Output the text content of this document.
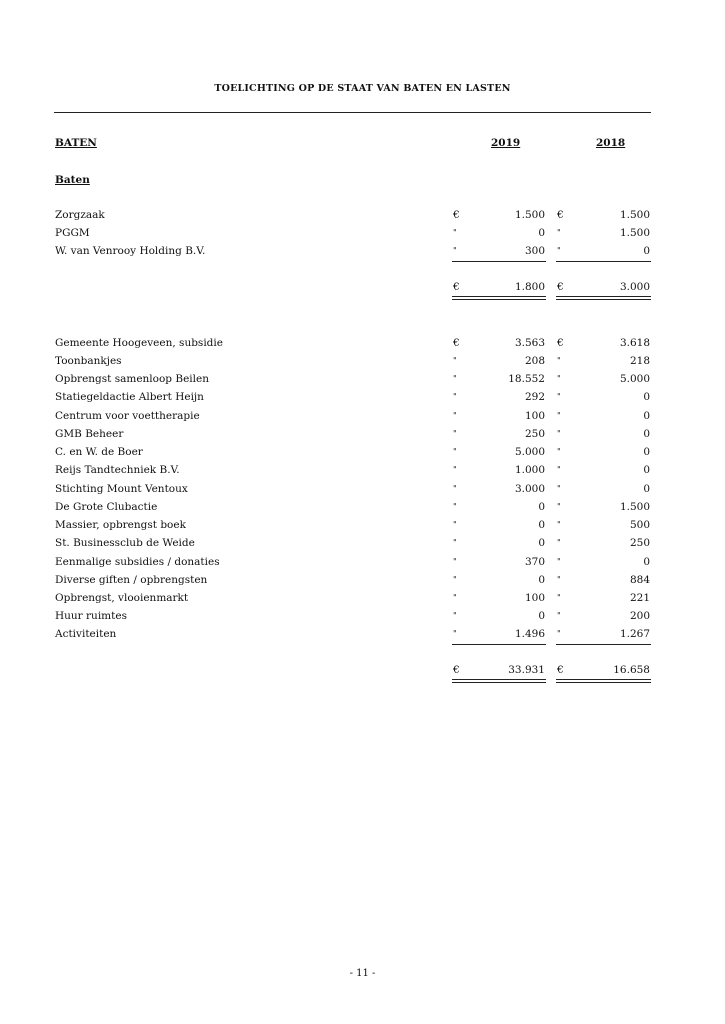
TOELICHTING OP DE STAAT VAN BATEN EN LASTEN
BATEN	2019	2018
Baten
Zorgzaak	€	1.500 €	1.500
PGGM	"	0 "	1.500
W. van Venrooy Holding B.V.	"	300 "	0
€	1.800 €	3.000
Gemeente Hoogeveen, subsidie	€	3.563 €	3.618
Toonbankjes	"	208 "	218
Opbrengst samenloop Beilen	"	18.552 "	5.000
Statiegeldactie Albert Heijn	"	292 "	0
Centrum voor voettherapie	"	100 "	0
GMB Beheer	"	250 "	0
C. en W. de Boer	"	5.000 "	0
Reijs Tandtechniek B.V.	"	1.000 "	0
Stichting Mount Ventoux	"	3.000 "	0
De Grote Clubactie	"	0 "	1.500
Massier, opbrengst boek	"	0 "	500
St. Businessclub de Weide	"	0 "	250
Eenmalige subsidies / donaties	"	370 "	0
Diverse giften / opbrengsten	"	0 "	884
Opbrengst, vlooienmarkt	"	100 "	221
Huur ruimtes	"	0 "	200
Activiteiten	"	1.496 "	1.267
€	33.931 €	16.658
- 11 -
